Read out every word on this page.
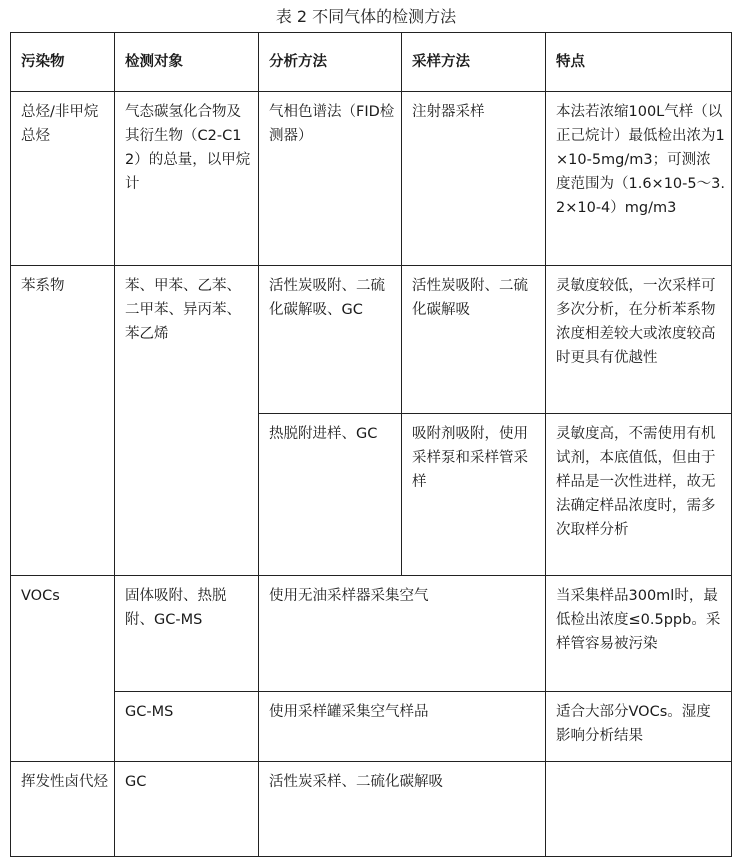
表 2 不同气体的检测方法
污染物	检测对象	分析方法	采样方法	特点
总烃/非甲烷总烃	气态碳氢化合物及其衍生物（C2-C12）的总量，以甲烷计	气相色谱法（FID检测器）	注射器采样	本法若浓缩100L气样（以正己烷计）最低检出浓为1×10-5mg/m3；可测浓度范围为（1.6×10-5～3.2×10-4）mg/m3
苯系物	苯、甲苯、乙苯、二甲苯、异丙苯、苯乙烯	活性炭吸附、二硫化碳解吸、GC	活性炭吸附、二硫化碳解吸	灵敏度较低，一次采样可多次分析，在分析苯系物浓度相差较大或浓度较高时更具有优越性
		热脱附进样、GC	吸附剂吸附，使用采样泵和采样管采样	灵敏度高，不需使用有机试剂，本底值低，但由于样品是一次性进样，故无法确定样品浓度时，需多次取样分析
VOCs	固体吸附、热脱附、GC-MS	使用无油采样器采集空气		当采集样品300ml时，最低检出浓度≤0.5ppb。采样管容易被污染
	GC-MS	使用采样罐采集空气样品		适合大部分VOCs。湿度影响分析结果
挥发性卤代烃	GC	活性炭采样、二硫化碳解吸		
